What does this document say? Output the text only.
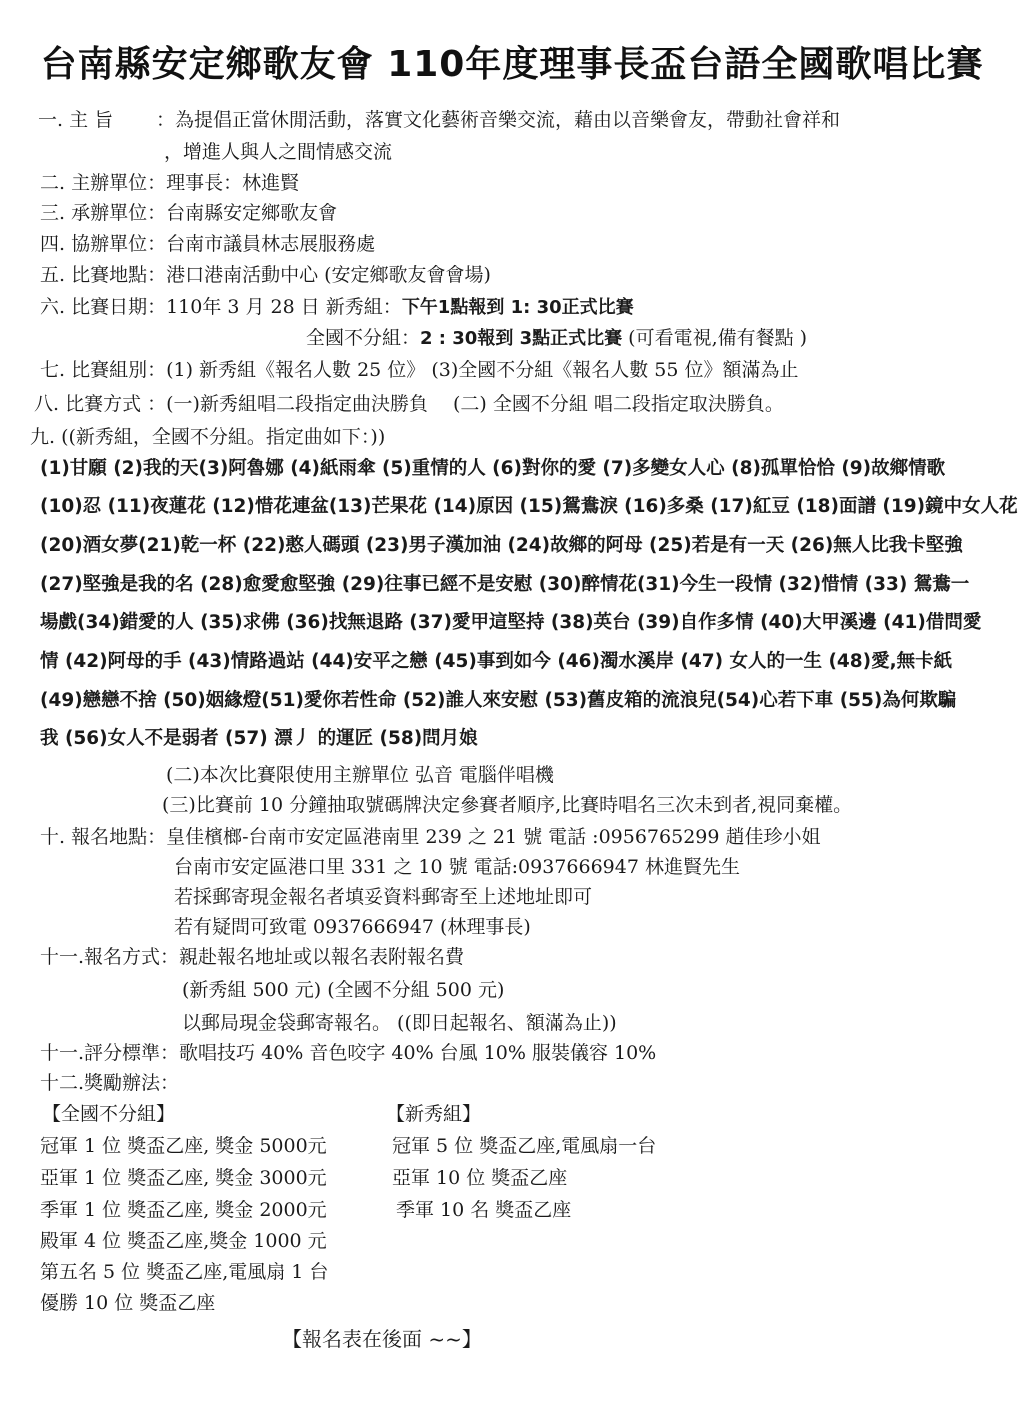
台南縣安定鄉歌友會 110年度理事長盃台語全國歌唱比賽
一. 主 旨 ：為提倡正當休閒活動，落實文化藝術音樂交流，藉由以音樂會友，帶動社會祥和
，增進人與人之間情感交流
二. 主辦單位：理事長：林進賢
三. 承辦單位：台南縣安定鄉歌友會
四. 協辦單位：台南市議員林志展服務處
五. 比賽地點：港口港南活動中心 (安定鄉歌友會會場)
六. 比賽日期：110年 3 月 28 日 新秀組：下午1點報到 1: 30正式比賽
全國不分組：2 : 30報到 3點正式比賽 (可看電視,備有餐點 )
七. 比賽組別：(1) 新秀組《報名人數 25 位》 (3)全國不分組《報名人數 55 位》額滿為止
八. 比賽方式 ：(一)新秀組唱二段指定曲決勝負　 (二) 全國不分組 唱二段指定取決勝負。
九. ((新秀組，全國不分組。指定曲如下：))
(1)甘願 (2)我的天(3)阿魯娜 (4)紙雨傘 (5)重情的人 (6)對你的愛 (7)多變女人心 (8)孤單恰恰 (9)故鄉情歌
(10)忍 (11)夜蓮花 (12)惜花連盆(13)芒果花 (14)原因 (15)鴛鴦淚 (16)多桑 (17)紅豆 (18)面譜 (19)鏡中女人花
(20)酒女夢(21)乾一杯 (22)憨人碼頭 (23)男子漢加油 (24)故鄉的阿母 (25)若是有一天 (26)無人比我卡堅強
(27)堅強是我的名 (28)愈愛愈堅強 (29)往事已經不是安慰 (30)醉情花(31)今生一段情 (32)惜情 (33) 鴛鴦一
場戲(34)錯愛的人 (35)求佛 (36)找無退路 (37)愛甲這堅持 (38)英台 (39)自作多情 (40)大甲溪邊 (41)借問愛
情 (42)阿母的手 (43)情路過站 (44)安平之戀 (45)事到如今 (46)濁水溪岸 (47) 女人的一生 (48)愛,無卡紙
(49)戀戀不捨 (50)姻緣燈(51)愛你若性命 (52)誰人來安慰 (53)舊皮箱的流浪兒(54)心若下車 (55)為何欺騙
我 (56)女人不是弱者 (57) 漂丿 的運匠 (58)問月娘
(二)本次比賽限使用主辦單位 弘音 電腦伴唱機
(三)比賽前 10 分鐘抽取號碼牌決定參賽者順序,比賽時唱名三次未到者,視同棄權。
十. 報名地點：皇佳檳榔-台南市安定區港南里 239 之 21 號 電話 :0956765299 趙佳珍小姐
台南市安定區港口里 331 之 10 號 電話:0937666947 林進賢先生
若採郵寄現金報名者填妥資料郵寄至上述地址即可
若有疑問可致電 0937666947 (林理事長)
十一.報名方式：親赴報名地址或以報名表附報名費
(新秀組 500 元) (全國不分組 500 元)
以郵局現金袋郵寄報名。 ((即日起報名、額滿為止))
十一.評分標準：歌唱技巧 40% 音色咬字 40% 台風 10% 服裝儀容 10%
十二.獎勵辦法：
【全國不分組】
冠軍 1 位 獎盃乙座, 獎金 5000元
亞軍 1 位 獎盃乙座, 獎金 3000元
季軍 1 位 獎盃乙座, 獎金 2000元
殿軍 4 位 獎盃乙座,獎金 1000 元
第五名 5 位 獎盃乙座,電風扇 1 台
優勝 10 位 獎盃乙座
【新秀組】
冠軍 5 位 獎盃乙座,電風扇一台
亞軍 10 位 獎盃乙座
季軍 10 名 獎盃乙座
【報名表在後面 ~~】
